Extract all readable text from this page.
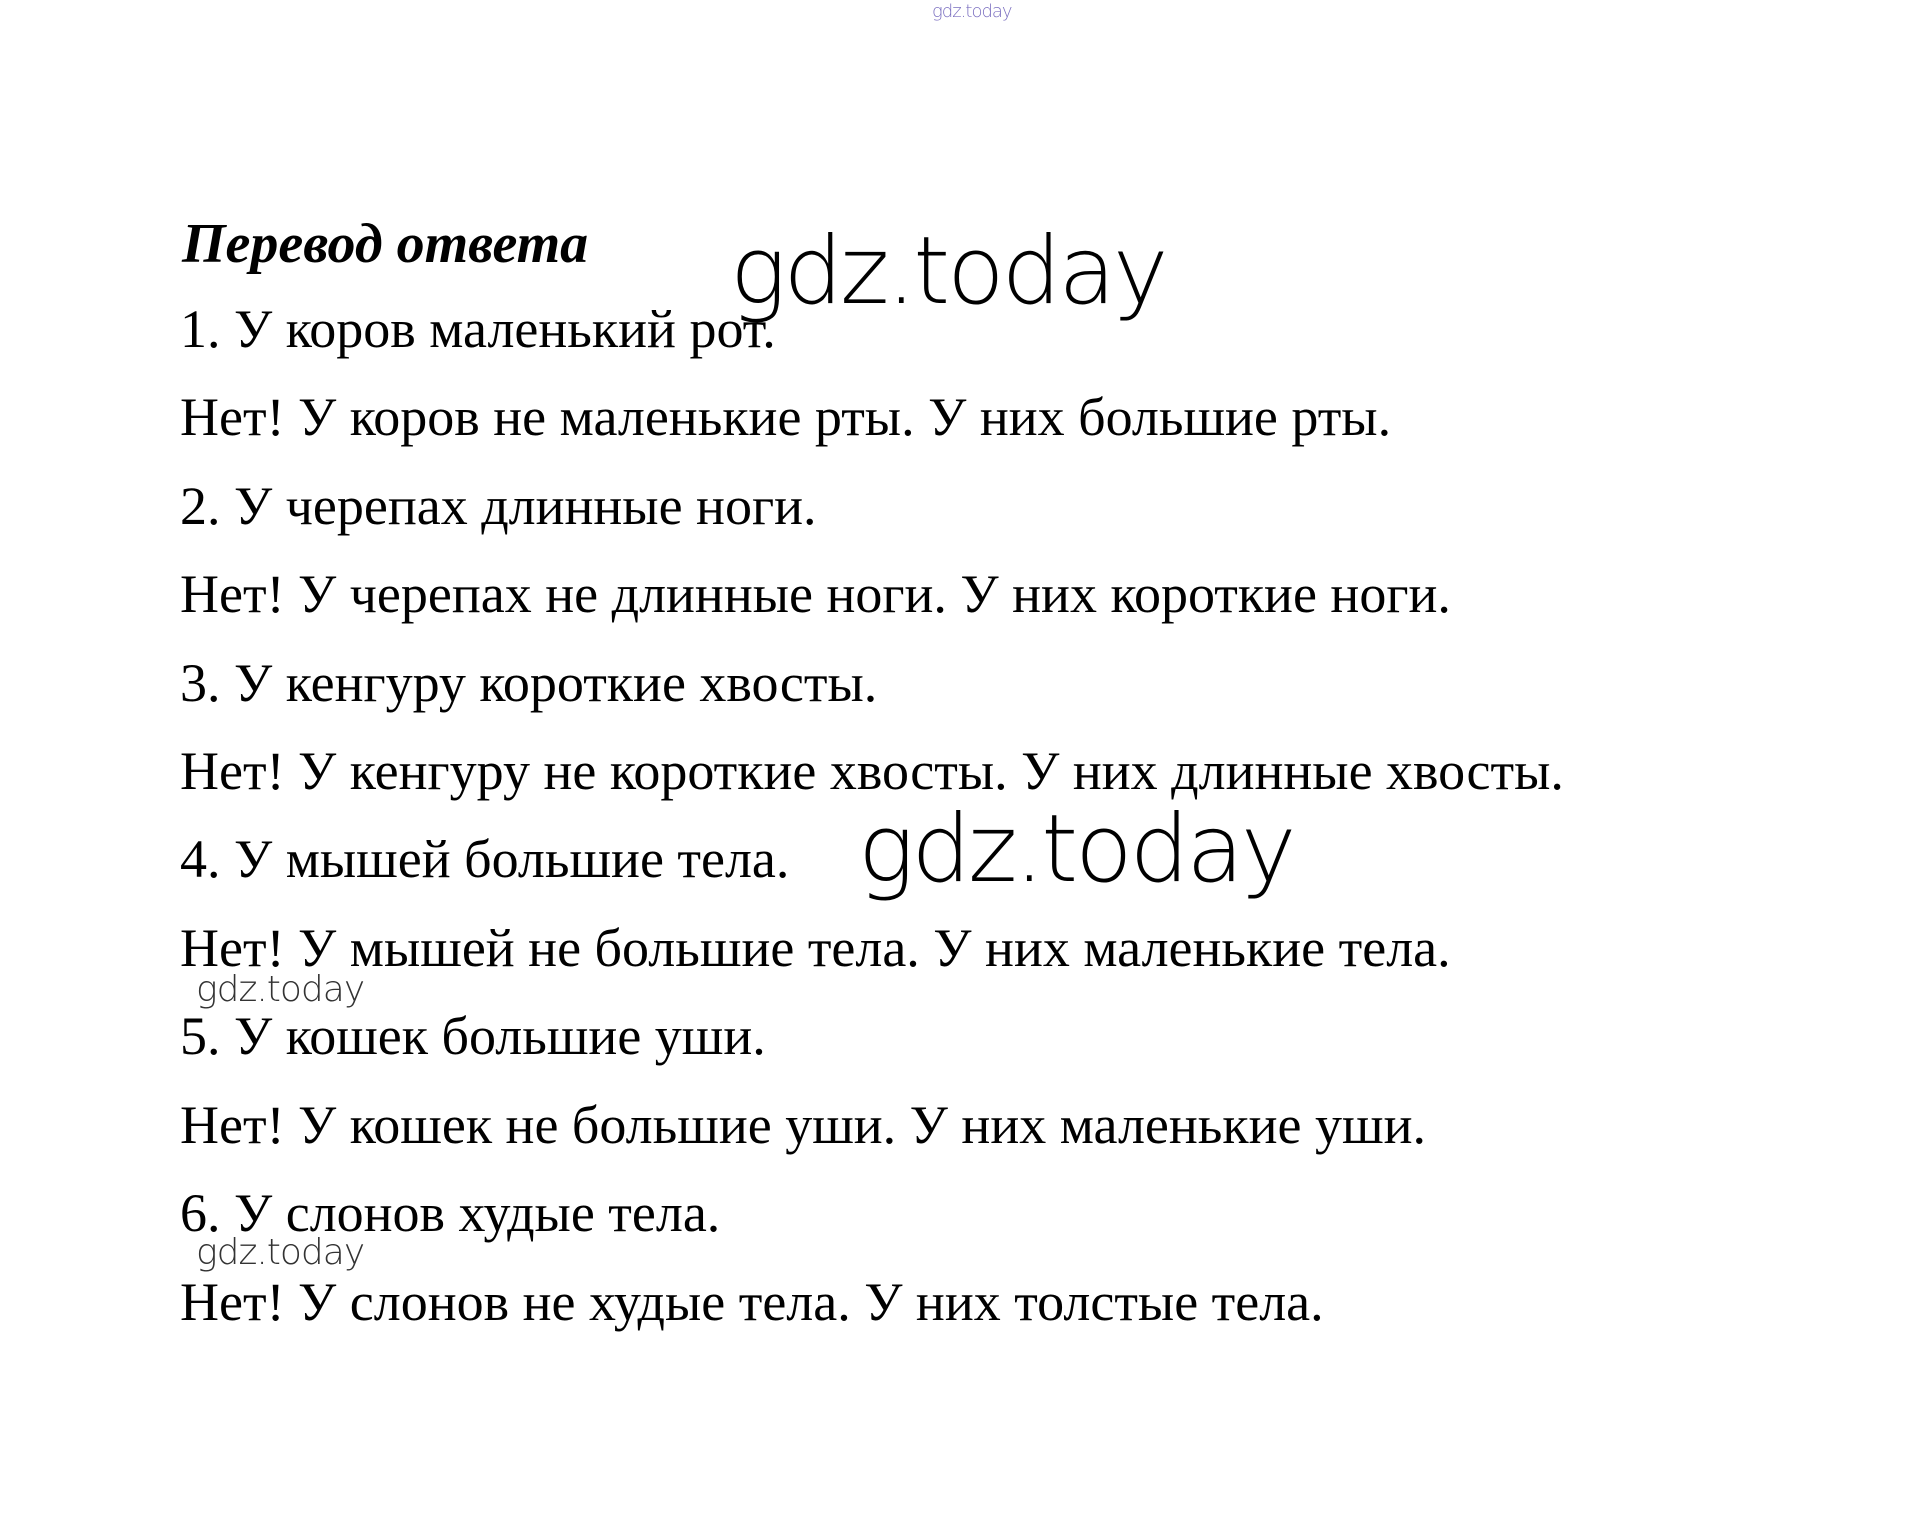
gdz.today
Перевод ответа

1. У коров маленький рот.

Нет! У коров не маленькие рты. У них большие рты.

2. У черепах длинные ноги.

Нет! У черепах не длинные ноги. У них короткие ноги.

3. У кенгуру короткие хвосты.

Нет! У кенгуру не короткие хвосты. У них длинные хвосты.

4. У мышей большие тела.

Нет! У мышей не большие тела. У них маленькие тела.

5. У кошек большие уши.

Нет! У кошек не большие уши. У них маленькие уши.

6. У слонов худые тела.

Нет! У слонов не худые тела. У них толстые тела.

gdz.today
gdz.today
gdz.today
gdz.today
